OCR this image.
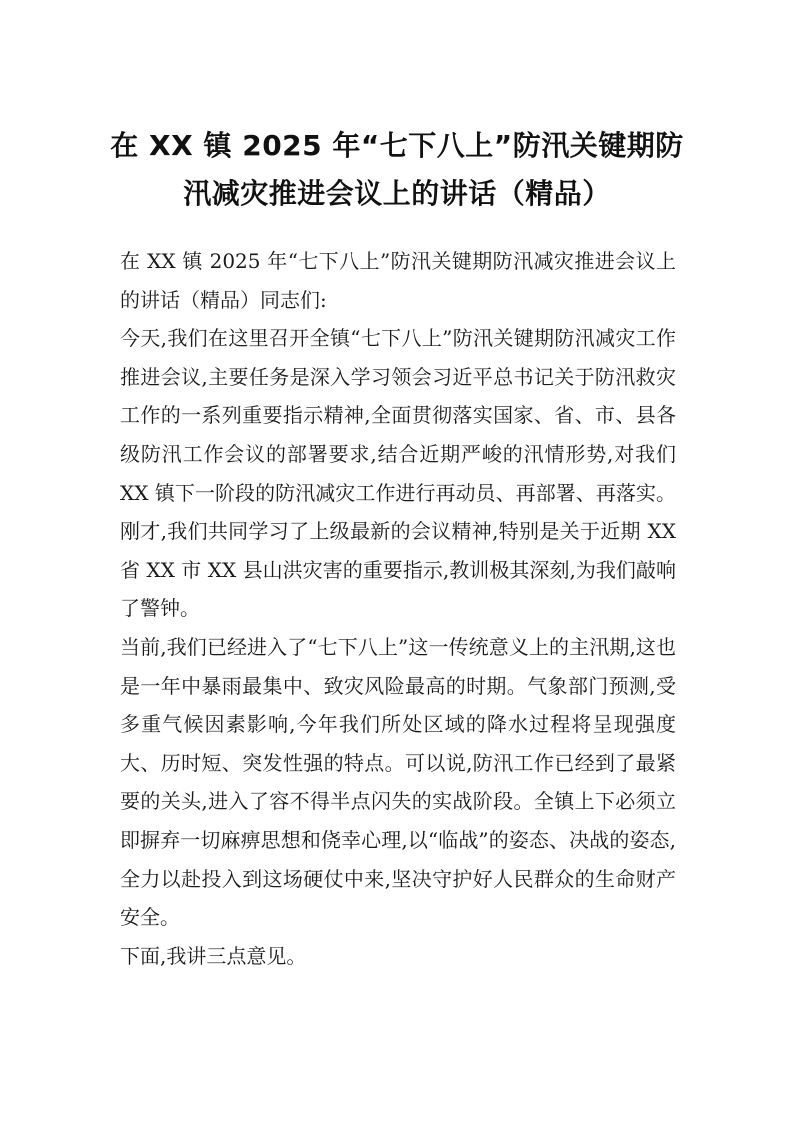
在 XX 镇 2025 年“七下八上”防汛关键期防
汛减灾推进会议上的讲话（精品）

在 XX 镇 2025 年“七下八上”防汛关键期防汛减灾推进会议上的讲话（精品）同志们:

今天,我们在这里召开全镇“七下八上”防汛关键期防汛减灾工作推进会议,主要任务是深入学习领会习近平总书记关于防汛救灾工作的一系列重要指示精神,全面贯彻落实国家、省、市、县各级防汛工作会议的部署要求,结合近期严峻的汛情形势,对我们 XX 镇下一阶段的防汛减灾工作进行再动员、再部署、再落实。刚才,我们共同学习了上级最新的会议精神,特别是关于近期 XX 省 XX 市 XX 县山洪灾害的重要指示,教训极其深刻,为我们敲响了警钟。

当前,我们已经进入了“七下八上”这一传统意义上的主汛期,这也是一年中暴雨最集中、致灾风险最高的时期。气象部门预测,受多重气候因素影响,今年我们所处区域的降水过程将呈现强度大、历时短、突发性强的特点。可以说,防汛工作已经到了最紧要的关头,进入了容不得半点闪失的实战阶段。全镇上下必须立即摒弃一切麻痹思想和侥幸心理,以“临战”的姿态、决战的姿态,全力以赴投入到这场硬仗中来,坚决守护好人民群众的生命财产安全。

下面,我讲三点意见。
